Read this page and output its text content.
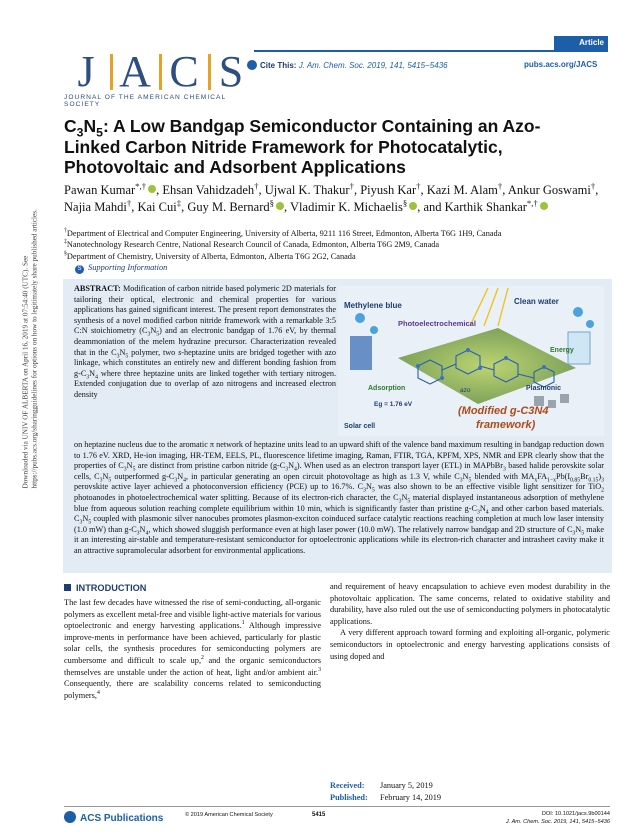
Downloaded via UNIV OF ALBERTA on April 16, 2019 at 07:54:40 (UTC). See https://pubs.acs.org/sharingguidelines for options on how to legitimately share published articles.
J A C S
JOURNAL OF THE AMERICAN CHEMICAL SOCIETY
Article
Cite This: J. Am. Chem. Soc. 2019, 141, 5415−5436	pubs.acs.org/JACS
$C_3N_5$: A Low Bandgap Semiconductor Containing an Azo-Linked Carbon Nitride Framework for Photocatalytic, Photovoltaic and Adsorbent Applications
Pawan Kumar*,† , Ehsan Vahidzadeh†, Ujwal K. Thakur†, Piyush Kar†, Kazi M. Alam†, Ankur Goswami†, Najia Mahdi†, Kai Cui‡, Guy M. Bernard§ , Vladimir K. Michaelis§ , and Karthik Shankar*,†
†Department of Electrical and Computer Engineering, University of Alberta, 9211 116 Street, Edmonton, Alberta T6G 1H9, Canada
‡Nanotechnology Research Centre, National Research Council of Canada, Edmonton, Alberta T6G 2M9, Canada
§Department of Chemistry, University of Alberta, Edmonton, Alberta T6G 2G2, Canada
S Supporting Information
ABSTRACT: Modification of carbon nitride based polymeric 2D materials for tailoring their optical, electronic and chemical properties for various applications has gained significant interest. The present report demonstrates the synthesis of a novel modified carbon nitride framework with a remarkable 3:5 C:N stoichiometry $(C_3N_5)$ and an electronic bandgap of 1.76 eV, by thermal deammoniation of the melem hydrazine precursor. Characterization revealed that in the $C_3N_5$ polymer, two s-heptazine units are bridged together with azo linkage, which constitutes an entirely new and different bonding fashion from $g-C_3N_4$ where three heptazine units are linked together with tertiary nitrogen. Extended conjugation due to overlap of azo nitrogens and increased electron density
Methylene blue	Clean water
Photoelectrochemical
Adsorption
Energy
azo
Eg = 1.76 eV
(Modified g-C3N4
framework)
Solar cell
Plasmonic
on heptazine nucleus due to the aromatic π network of heptazine units lead to an upward shift of the valence band maximum resulting in bandgap reduction down to 1.76 eV. XRD, He-ion imaging, HR-TEM, EELS, PL, fluorescence lifetime imaging, Raman, FTIR, TGA, KPFM, XPS, NMR and EPR clearly show that the properties of $C_3N_5$ are distinct from pristine carbon nitride $(g-C_3N_4)$. When used as an electron transport layer (ETL) in MAPbBr$_3$ based halide perovskite solar cells, $C_3N_5$ outperformed $g-C_3N_4$, in particular generating an open circuit photovoltage as high as 1.3 V, while $C_3N_5$ blended with $MA_xFA_{1-x}Pb(I_{0.85}Br_{0.15})_3$ perovskite active layer achieved a photoconversion efficiency (PCE) up to 16.7%. $C_3N_5$ was also shown to be an effective visible light sensitizer for TiO$_2$ photoanodes in photoelectrochemical water splitting. Because of its electron-rich character, the $C_3N_5$ material displayed instantaneous adsorption of methylene blue from aqueous solution reaching complete equilibrium within 10 min, which is significantly faster than pristine $g-C_3N_4$ and other carbon based materials. $C_3N_5$ coupled with plasmonic silver nanocubes promotes plasmon-exciton coinduced surface catalytic reactions reaching completion at much low laser intensity (1.0 mW) than $g-C_3N_4$, which showed sluggish performance even at high laser power (10.0 mW). The relatively narrow bandgap and 2D structure of $C_3N_5$ make it an interesting air-stable and temperature-resistant semiconductor for optoelectronic applications while its electron-rich character and intrasheet cavity make it an attractive supramolecular adsorbent for environmental applications.
INTRODUCTION
The last few decades have witnessed the rise of semi-conducting, all-organic polymers as excellent metal-free and visible light-active materials for various optoelectronic and energy harvesting applications.$^1$ Although impressive improve-ments in performance have been achieved, particularly for plastic solar cells, the synthesis procedures for semiconducting polymers are cumbersome and difficult to scale up,$^2$ and the organic semiconductors themselves are unstable under the action of heat, light and/or ambient air.$^3$ Consequently, there are scalability concerns related to semiconducting polymers,$^4$
and requirement of heavy encapsulation to achieve even modest durability in the photovoltaic application. The same concerns, related to oxidative stability and durability, have also ruled out the use of semiconducting polymers in photocatalytic applications.
A very different approach toward forming and exploiting all-organic, polymeric semiconductors in optoelectronic and energy harvesting applications consists of using doped and
Received: January 5, 2019
Published: February 14, 2019
ACS Publications	© 2019 American Chemical Society	5415	DOI: 10.1021/jacs.9b00144
J. Am. Chem. Soc. 2019, 141, 5415−5436
